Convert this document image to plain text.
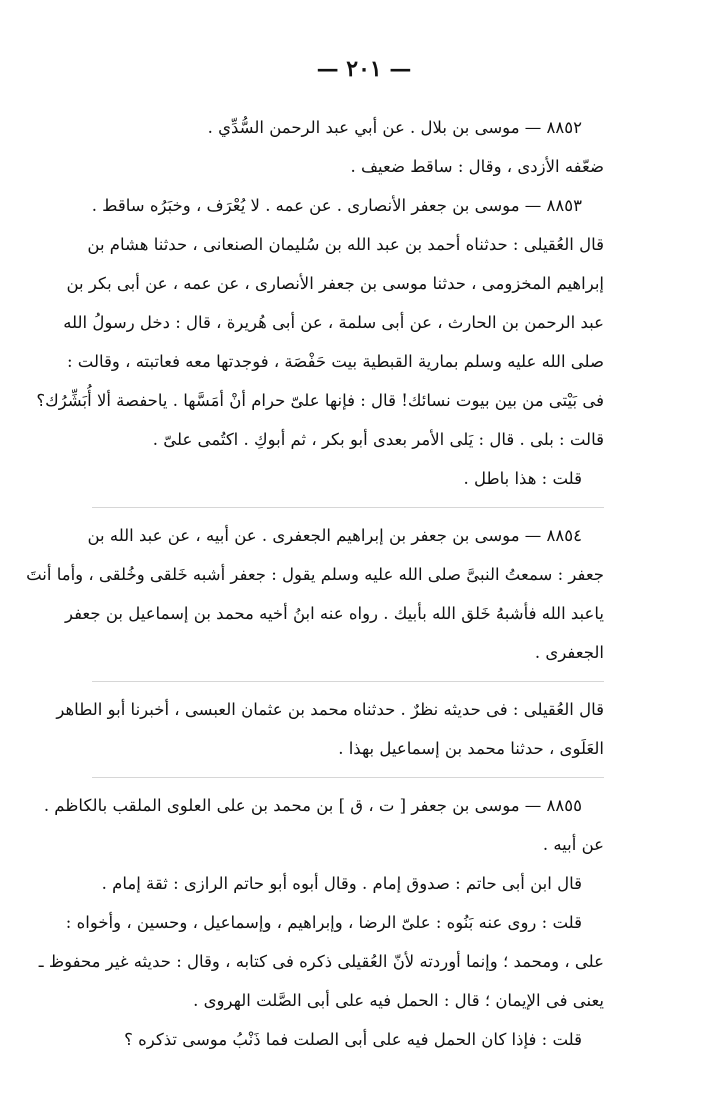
— ٢٠١ —
٨٨٥٢ — موسى بن بلال . عن أبي عبد الرحمن السُّدِّي .
ضعّفه الأزدى ، وقال : ساقط ضعيف .
٨٨٥٣ — موسى بن جعفر الأنصارى . عن عمه . لا يُعْرَف ، وخبَرُه ساقط .
قال العُقيلى : حدثناه أحمد بن عبد الله بن سُليمان الصنعانى ، حدثنا هشام بن
إبراهيم المخزومى ، حدثنا موسى بن جعفر الأنصارى ، عن عمه ، عن أبى بكر بن
عبد الرحمن بن الحارث ، عن أبى سلمة ، عن أبى هُريرة ، قال : دخل رسولُ الله
صلى الله عليه وسلم بمارية القبطية بيت حَفْصَة ، فوجدتها معه فعاتبته ، وقالت :
فى بَيْتى من بين بيوت نسائك! قال : فإنها علىّ حرام أنْ أمَسَّها . ياحفصة ألا أُبَشِّرُك؟
قالت : بلى . قال : يَلى الأمر بعدى أبو بكر ، ثم أبوكِ . اكتُمى علىّ .
قلت : هذا باطل .
٨٨٥٤ — موسى بن جعفر بن إبراهيم الجعفرى . عن أبيه ، عن عبد الله بن
جعفر : سمعتُ النبىَّ صلى الله عليه وسلم يقول : جعفر أشبه خَلقى وخُلقى ، وأما أنتَ
ياعبد الله فأشبهُ خَلق الله بأبيك . رواه عنه ابنُ أخيه محمد بن إسماعيل بن جعفر
الجعفرى .
قال العُقيلى : فى حديثه نظرٌ . حدثناه محمد بن عثمان العبسى ، أخبرنا أبو الطاهر
العَلَوى ، حدثنا محمد بن إسماعيل بهذا .
٨٨٥٥ — موسى بن جعفر [ ت ، ق ] بن محمد بن على العلوى الملقب بالكاظم .
عن أبيه .
قال ابن أبى حاتم : صدوق إمام . وقال أبوه أبو حاتم الرازى : ثقة إمام .
قلت : روى عنه بَنُوه : علىّ الرضا ، وإبراهيم ، وإسماعيل ، وحسين ، وأخواه :
على ، ومحمد ؛ وإنما أوردته لأنّ العُقيلى ذكره فى كتابه ، وقال : حديثه غير محفوظ ـ
يعنى فى الإيمان ؛ قال : الحمل فيه على أبى الصَّلت الهروى .
قلت : فإذا كان الحمل فيه على أبى الصلت فما ذَنْبُ موسى تذكره ؟
